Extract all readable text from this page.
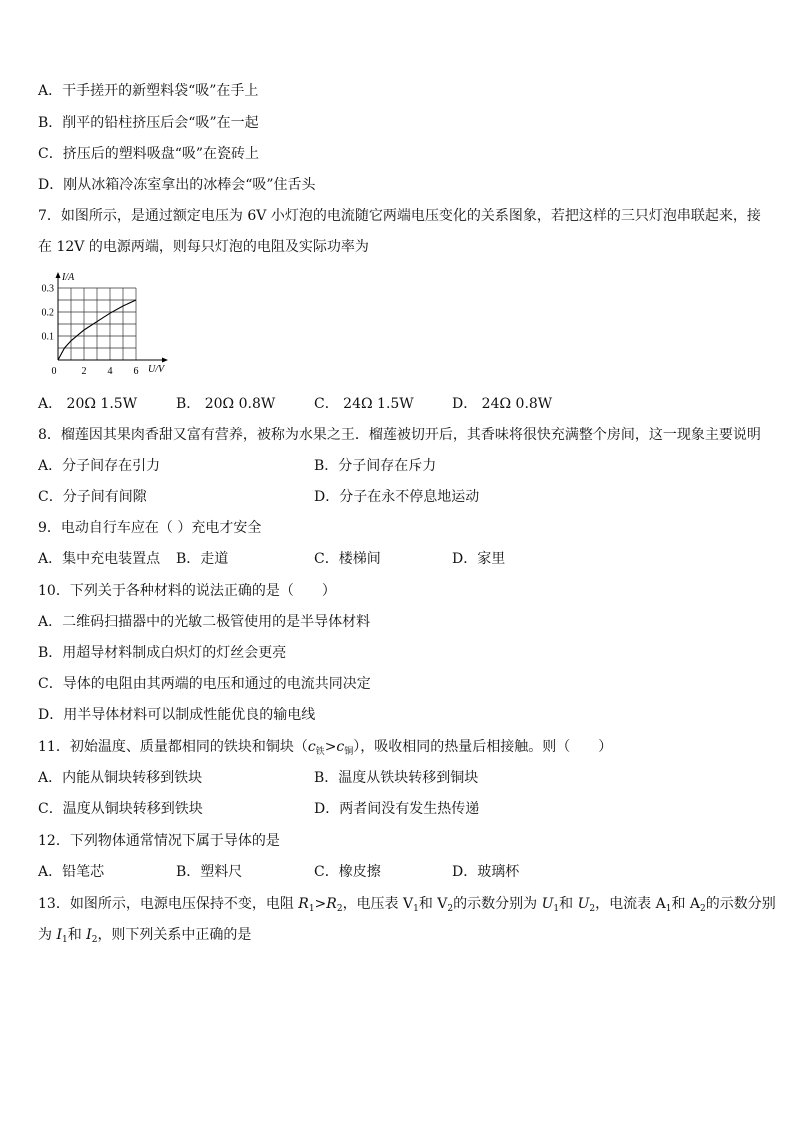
A．干手搓开的新塑料袋“吸”在手上
B．削平的铅柱挤压后会“吸”在一起
C．挤压后的塑料吸盘“吸”在瓷砖上
D．刚从冰箱冷冻室拿出的冰棒会“吸”住舌头
7．如图所示，是通过额定电压为 6V 小灯泡的电流随它两端电压变化的关系图象，若把这样的三只灯泡串联起来，接
在 12V 的电源两端，则每只灯泡的电阻及实际功率为
2 4 6
0.1
0.2
0.3
0	U/V
I/A
A． 20Ω 1.5W	B． 20Ω 0.8W	C． 24Ω 1.5W	D． 24Ω 0.8W
8．榴莲因其果肉香甜又富有营养，被称为水果之王．榴莲被切开后，其香味将很快充满整个房间，这一现象主要说明
A．分子间存在引力	B．分子间存在斥力
C．分子间有间隙	D．分子在永不停息地运动
9．电动自行车应在（ ）充电才安全
A．集中充电装置点 B．走道	C．楼梯间	D．家里
10．下列关于各种材料的说法正确的是（　　）
A．二维码扫描器中的光敏二极管使用的是半导体材料
B．用超导材料制成白炽灯的灯丝会更亮
C．导体的电阻由其两端的电压和通过的电流共同决定
D．用半导体材料可以制成性能优良的输电线
11．初始温度、质量都相同的铁块和铜块$(c_铁>c_铜)$，吸收相同的热量后相接触。则（　　）
A．内能从铜块转移到铁块	B．温度从铁块转移到铜块
C．温度从铜块转移到铁块	D．两者间没有发生热传递
12．下列物体通常情况下属于导体的是
A．铅笔芯	B．塑料尺	C．橡皮擦	D．玻璃杯
13．如图所示，电源电压保持不变，电阻 $R_1>R_2$，电压表 $V_1$和 $V_2$的示数分别为 $U_1$和 $U_2$，电流表 $A_1$和 $A_2$的示数分别
为 $I_1$和 $I_2$，则下列关系中正确的是
